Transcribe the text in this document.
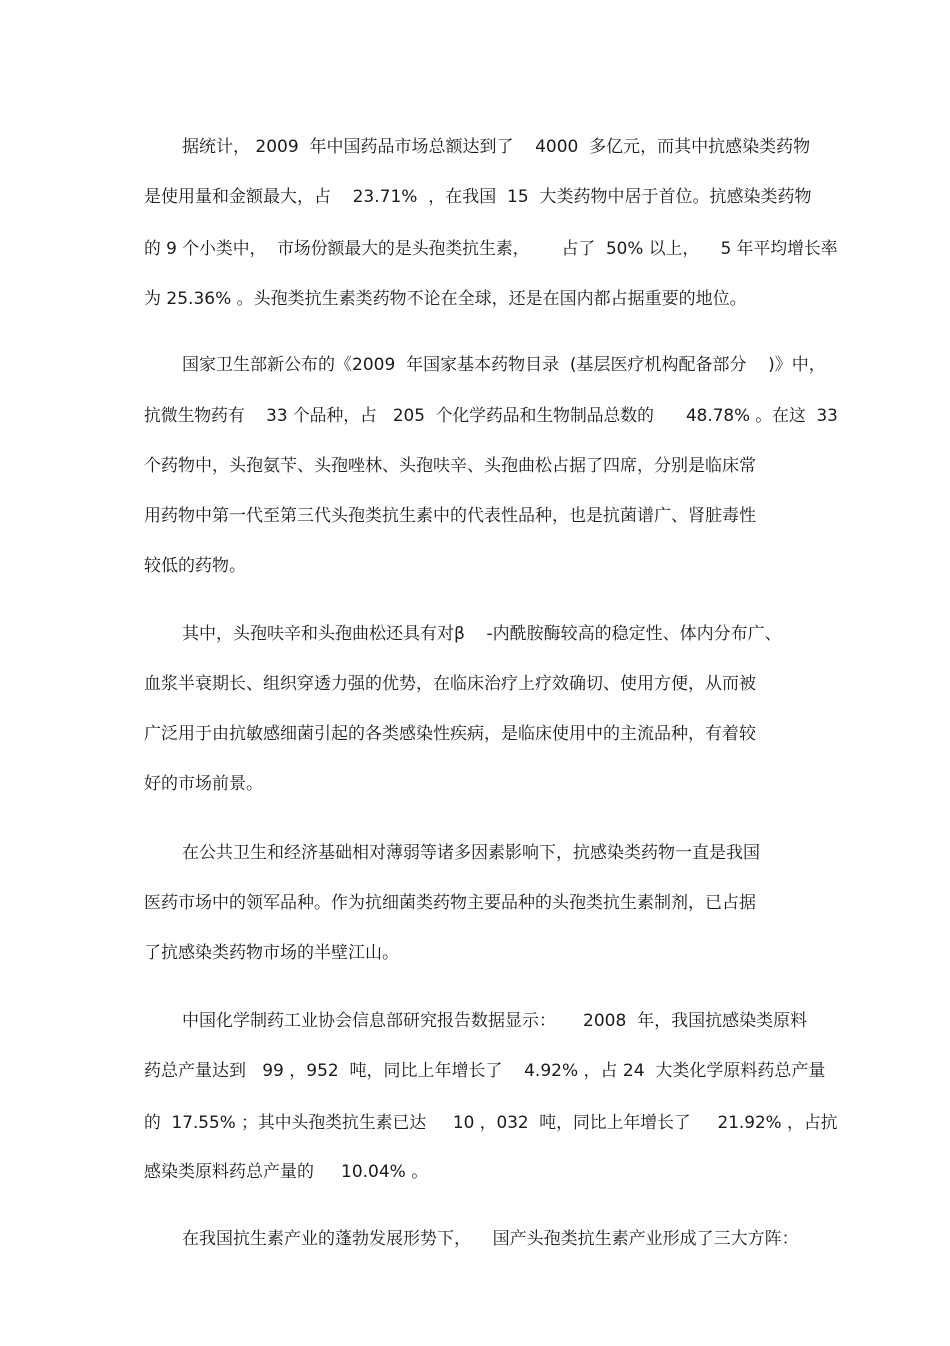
据统计， 2009  年中国药品市场总额达到了    4000  多亿元，而其中抗感染类药物
是使用量和金额最大，占    23.71%  ，在我国  15  大类药物中居于首位。抗感染类药物
的 9 个小类中，  市场份额最大的是头孢类抗生素，      占了  50% 以上，    5 年平均增长率
为 25.36% 。头孢类抗生素类药物不论在全球，还是在国内都占据重要的地位。
国家卫生部新公布的《2009  年国家基本药物目录  (基层医疗机构配备部分    )》中，
抗微生物药有    33 个品种，占   205  个化学药品和生物制品总数的      48.78% 。在这  33
个药物中，头孢氨苄、头孢唑林、头孢呋辛、头孢曲松占据了四席，分别是临床常
用药物中第一代至第三代头孢类抗生素中的代表性品种，也是抗菌谱广、肾脏毒性
较低的药物。
其中，头孢呋辛和头孢曲松还具有对β    -内酰胺酶较高的稳定性、体内分布广、
血浆半衰期长、组织穿透力强的优势，在临床治疗上疗效确切、使用方便，从而被
广泛用于由抗敏感细菌引起的各类感染性疾病，是临床使用中的主流品种，有着较
好的市场前景。
在公共卫生和经济基础相对薄弱等诸多因素影响下，抗感染类药物一直是我国
医药市场中的领军品种。作为抗细菌类药物主要品种的头孢类抗生素制剂，已占据
了抗感染类药物市场的半壁江山。
中国化学制药工业协会信息部研究报告数据显示：     2008  年，我国抗感染类原料
药总产量达到   99 ，952  吨，同比上年增长了    4.92% ，占 24  大类化学原料药总产量
的  17.55% ；其中头孢类抗生素已达     10 ，032  吨，同比上年增长了     21.92% ，占抗
感染类原料药总产量的     10.04% 。
在我国抗生素产业的蓬勃发展形势下，    国产头孢类抗生素产业形成了三大方阵：
